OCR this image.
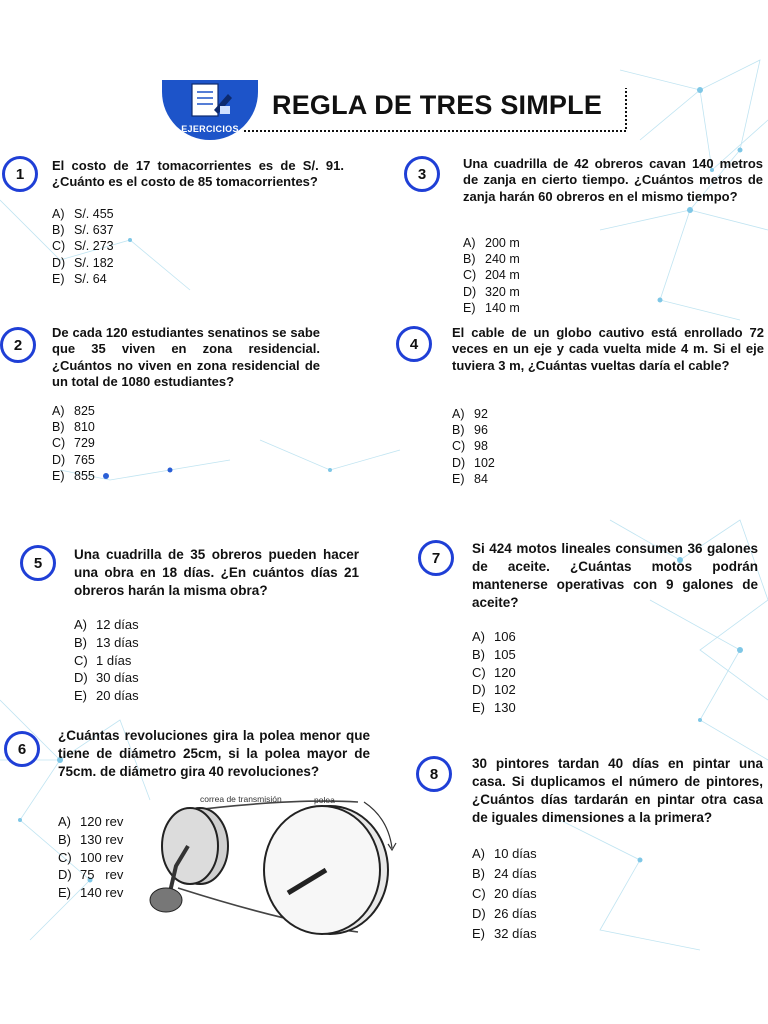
EJERCICIOS
REGLA DE TRES SIMPLE
1	El costo de 17 tomacorrientes es de S/. 91. ¿Cuánto es el costo de 85 tomacorrientes?
A) S/. 455
B) S/. 637
C) S/. 273
D) S/. 182
E) S/. 64
2
De cada 120 estudiantes senatinos se sabe que 35 viven en zona residencial. ¿Cuántos no viven en zona residencial de un total de 1080 estudiantes?
A) 825
B) 810
C) 729
D) 765
E) 855
3
Una cuadrilla de 42 obreros cavan 140 metros de zanja en cierto tiempo. ¿Cuántos metros de zanja harán 60 obreros en el mismo tiempo?
A) 200 m
B) 240 m
C) 204 m
D) 320 m
E) 140 m
4
El cable de un globo cautivo está enrollado 72 veces en un eje y cada vuelta mide 4 m. Si el eje tuviera 3 m, ¿Cuántas vueltas daría el cable?
A) 92
B) 96
C) 98
D) 102
E) 84
5	Una cuadrilla de 35 obreros pueden hacer una obra en 18 días. ¿En cuántos días 21 obreros harán la misma obra?
A) 12 días
B) 13 días
C) 1 días
D) 30 días
E) 20 días
6
¿Cuántas revoluciones gira la polea menor que tiene de diámetro 25cm, si la polea mayor de 75cm. de diámetro gira 40 revoluciones?
A) 120 rev
B) 130 rev
C) 100 rev
D) 75   rev
E) 140 rev
correa de transmisión	polea
7
Si 424 motos lineales consumen 36 galones de aceite. ¿Cuántas motos podrán mantenerse operativas con 9 galones de aceite?
A) 106
B) 105
C) 120
D) 102
E) 130
8
30 pintores tardan 40 días en pintar una casa. Si duplicamos el número de pintores, ¿Cuántos días tardarán en pintar otra casa de iguales dimensiones a la primera?
A) 10 días
B) 24 días
C) 20 días
D) 26 días
E) 32 días
